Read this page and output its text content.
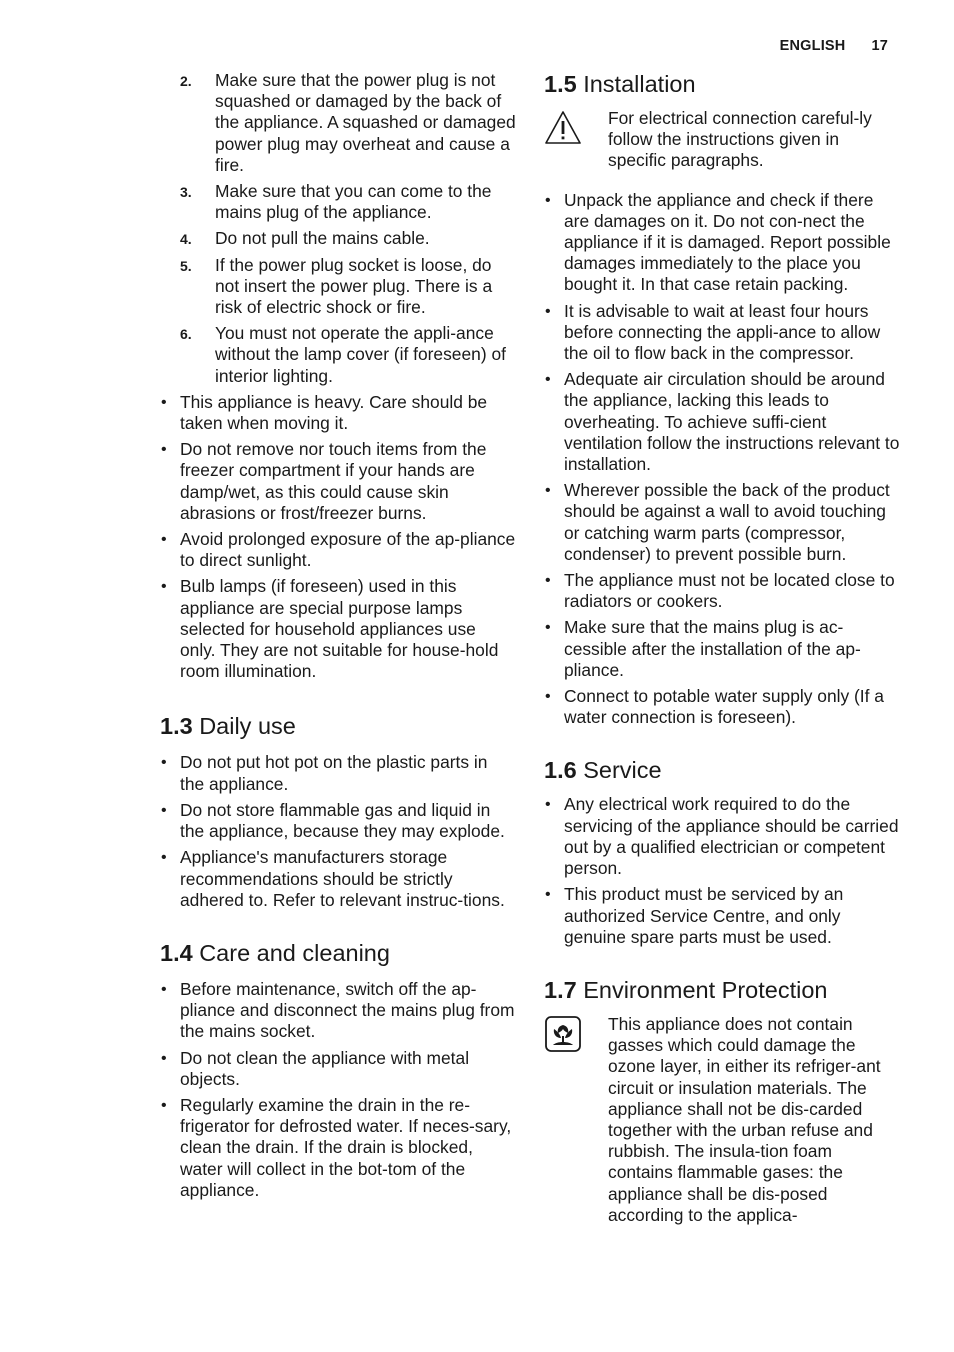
ENGLISH 17
2. Make sure that the power plug is not squashed or damaged by the back of the appliance. A squashed or damaged power plug may overheat and cause a fire.
3. Make sure that you can come to the mains plug of the appliance.
4. Do not pull the mains cable.
5. If the power plug socket is loose, do not insert the power plug. There is a risk of electric shock or fire.
6. You must not operate the appli-ance without the lamp cover (if foreseen) of interior lighting.
• This appliance is heavy. Care should be taken when moving it.
• Do not remove nor touch items from the freezer compartment if your hands are damp/wet, as this could cause skin abrasions or frost/freezer burns.
• Avoid prolonged exposure of the ap-pliance to direct sunlight.
• Bulb lamps (if foreseen) used in this appliance are special purpose lamps selected for household appliances use only. They are not suitable for house-hold room illumination.
1.3 Daily use
• Do not put hot pot on the plastic parts in the appliance.
• Do not store flammable gas and liquid in the appliance, because they may explode.
• Appliance's manufacturers storage recommendations should be strictly adhered to. Refer to relevant instruc-tions.
1.4 Care and cleaning
• Before maintenance, switch off the ap-pliance and disconnect the mains plug from the mains socket.
• Do not clean the appliance with metal objects.
• Regularly examine the drain in the re-frigerator for defrosted water. If neces-sary, clean the drain. If the drain is blocked, water will collect in the bot-tom of the appliance.
1.5 Installation
For electrical connection careful-ly follow the instructions given in specific paragraphs.
• Unpack the appliance and check if there are damages on it. Do not con-nect the appliance if it is damaged. Report possible damages immediately to the place you bought it. In that case retain packing.
• It is advisable to wait at least four hours before connecting the appli-ance to allow the oil to flow back in the compressor.
• Adequate air circulation should be around the appliance, lacking this leads to overheating. To achieve suffi-cient ventilation follow the instructions relevant to installation.
• Wherever possible the back of the product should be against a wall to avoid touching or catching warm parts (compressor, condenser) to prevent possible burn.
• The appliance must not be located close to radiators or cookers.
• Make sure that the mains plug is ac-cessible after the installation of the ap-pliance.
• Connect to potable water supply only (If a water connection is foreseen).
1.6 Service
• Any electrical work required to do the servicing of the appliance should be carried out by a qualified electrician or competent person.
• This product must be serviced by an authorized Service Centre, and only genuine spare parts must be used.
1.7 Environment Protection
This appliance does not contain gasses which could damage the ozone layer, in either its refriger-ant circuit or insulation materials. The appliance shall not be dis-carded together with the urban refuse and rubbish. The insula-tion foam contains flammable gases: the appliance shall be dis-posed according to the applica-
